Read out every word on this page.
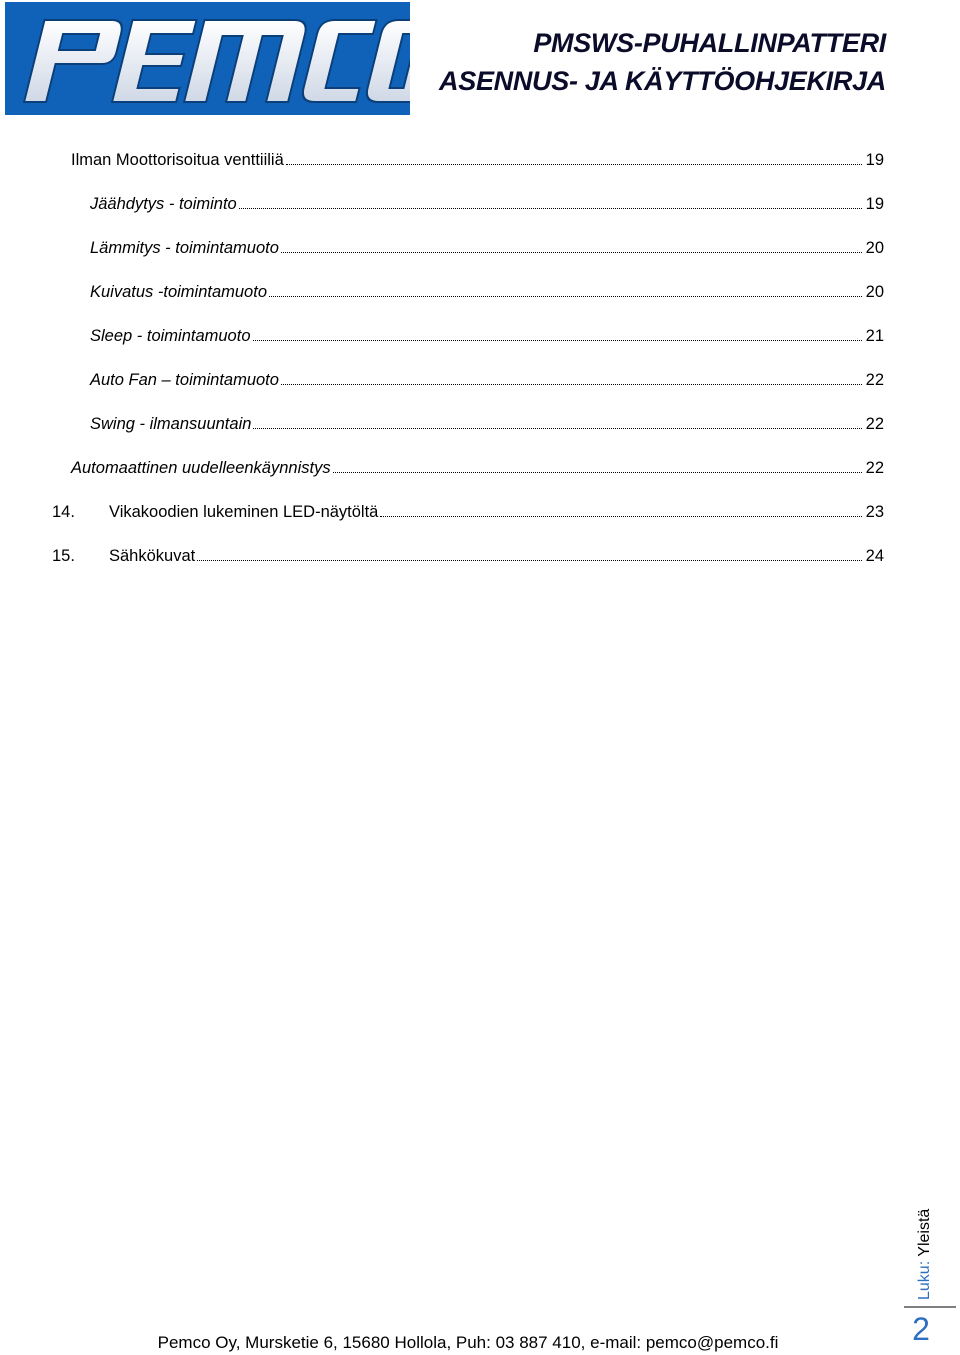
PMSWS-PUHALLINPATTERI
ASENNUS- JA KÄYTTÖOHJEKIRJA
Ilman Moottorisoitua venttiiliä	19
Jäähdytys - toiminto	19
Lämmitys - toimintamuoto	20
Kuivatus -toimintamuoto	20
Sleep - toimintamuoto	21
Auto Fan – toimintamuoto	22
Swing - ilmansuuntain	22
Automaattinen uudelleenkäynnistys	22
14.	Vikakoodien lukeminen LED-näytöltä	23
15.	Sähkökuvat	24
Luku: Yleistä
2
Pemco Oy, Mursketie 6, 15680 Hollola, Puh: 03 887 410, e-mail: pemco@pemco.fi
